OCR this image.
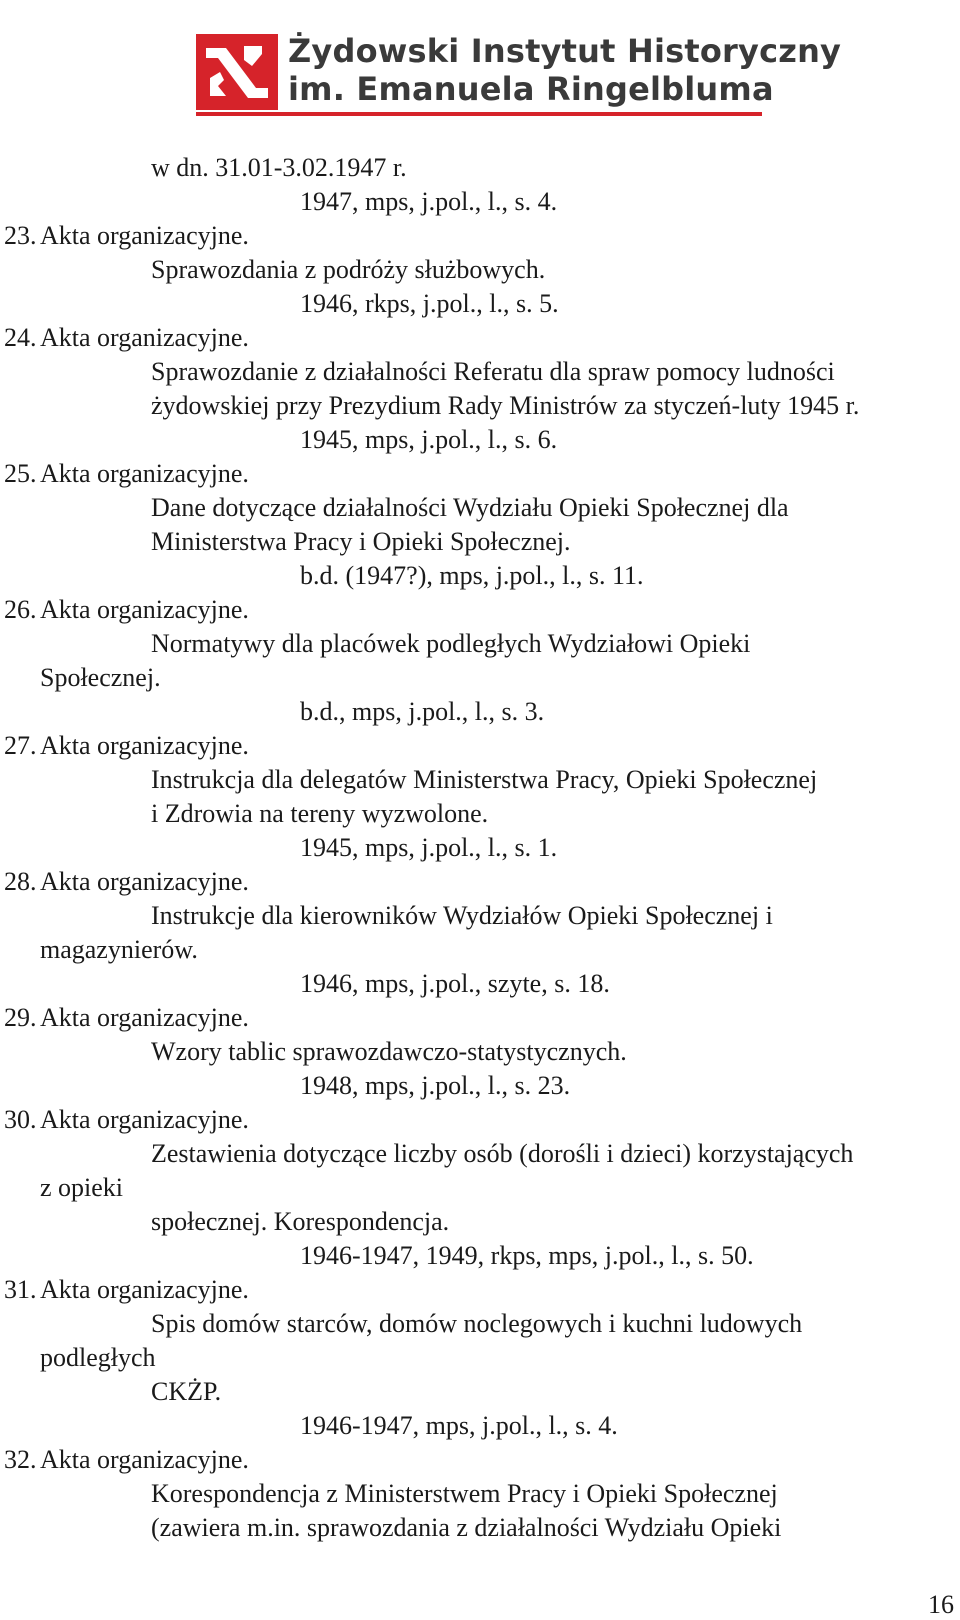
Żydowski Instytut Historyczny
im. Emanuela Ringelbluma
w dn. 31.01-3.02.1947 r.
1947, mps, j.pol., l., s. 4.
23. Akta organizacyjne.
Sprawozdania z podróży służbowych.
1946, rkps, j.pol., l., s. 5.
24. Akta organizacyjne.
Sprawozdanie z działalności Referatu dla spraw pomocy ludności
żydowskiej przy Prezydium Rady Ministrów za styczeń-luty 1945 r.
1945, mps, j.pol., l., s. 6.
25. Akta organizacyjne.
Dane dotyczące działalności Wydziału Opieki Społecznej dla
Ministerstwa Pracy i Opieki Społecznej.
b.d. (1947?), mps, j.pol., l., s. 11.
26. Akta organizacyjne.
Normatywy dla placówek podległych Wydziałowi Opieki
Społecznej.
b.d., mps, j.pol., l., s. 3.
27. Akta organizacyjne.
Instrukcja dla delegatów Ministerstwa Pracy, Opieki Społecznej
i Zdrowia na tereny wyzwolone.
1945, mps, j.pol., l., s. 1.
28. Akta organizacyjne.
Instrukcje dla kierowników Wydziałów Opieki Społecznej i
magazynierów.
1946, mps, j.pol., szyte, s. 18.
29. Akta organizacyjne.
Wzory tablic sprawozdawczo-statystycznych.
1948, mps, j.pol., l., s. 23.
30. Akta organizacyjne.
Zestawienia dotyczące liczby osób (dorośli i dzieci) korzystających
z opieki
społecznej. Korespondencja.
1946-1947, 1949, rkps, mps, j.pol., l., s. 50.
31. Akta organizacyjne.
Spis domów starców, domów noclegowych i kuchni ludowych
podległych
CKŻP.
1946-1947, mps, j.pol., l., s. 4.
32. Akta organizacyjne.
Korespondencja z Ministerstwem Pracy i Opieki Społecznej
(zawiera m.in. sprawozdania z działalności Wydziału Opieki
16
